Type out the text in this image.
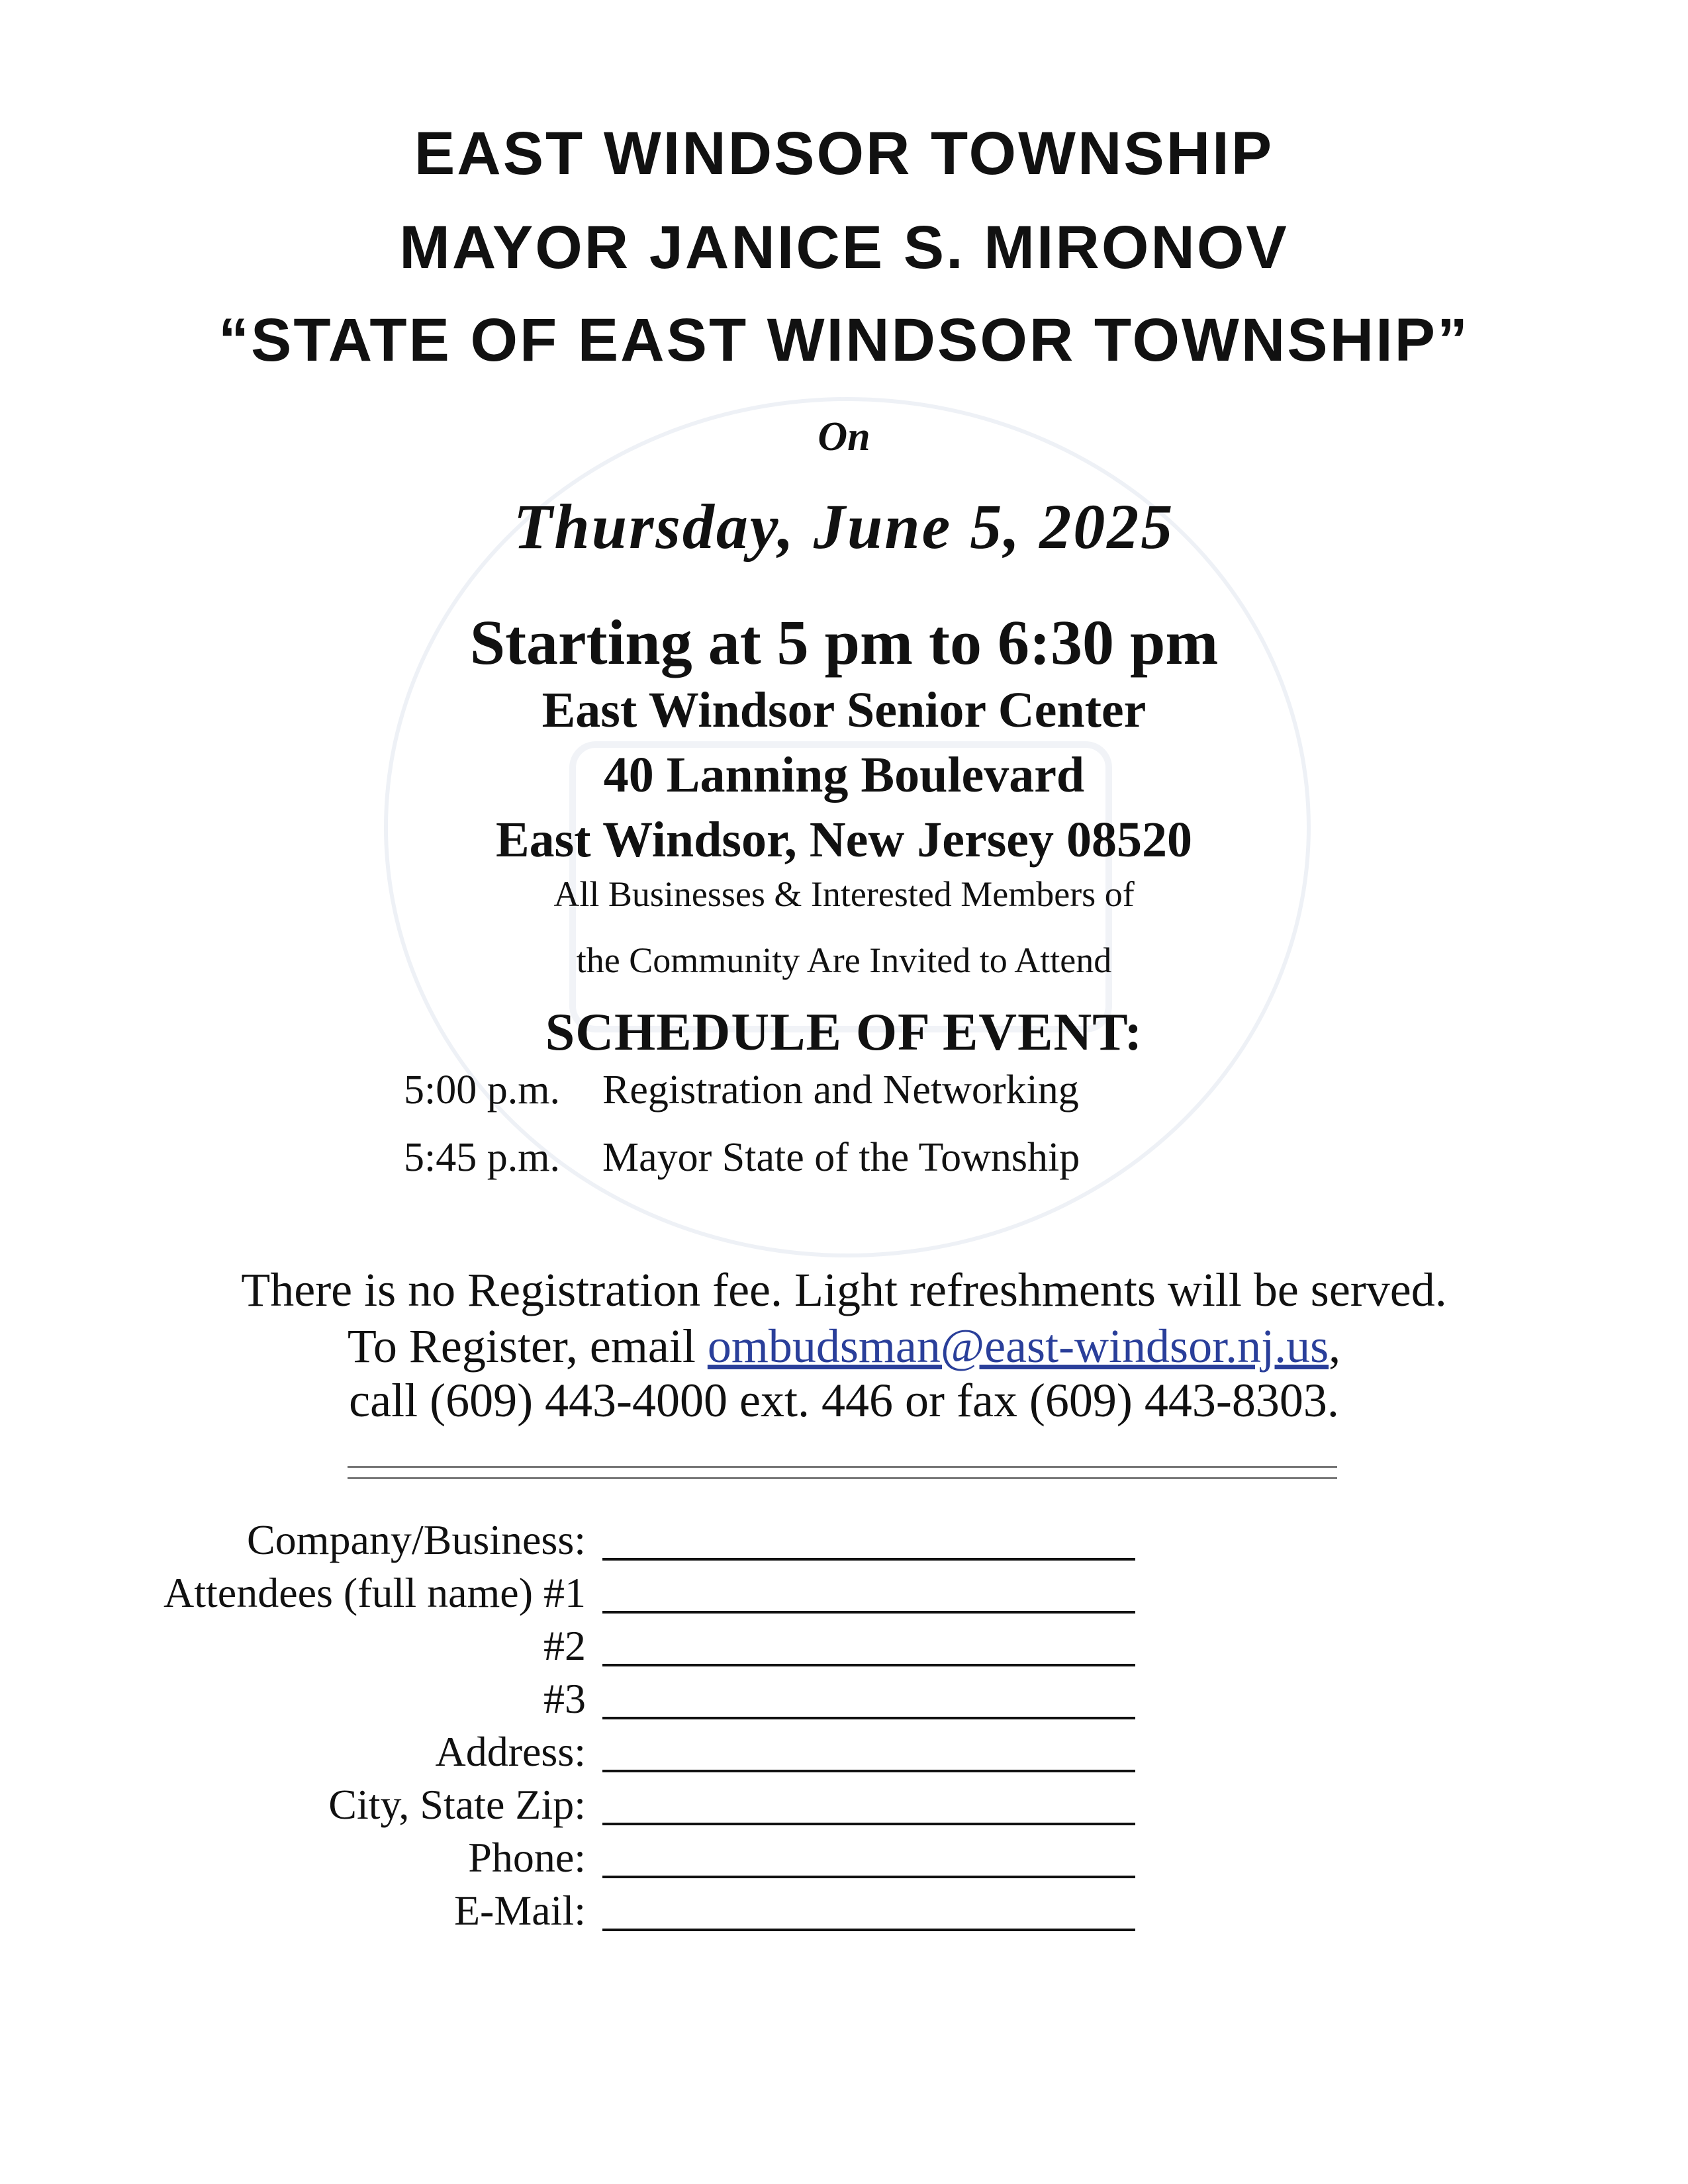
EAST WINDSOR TOWNSHIP
MAYOR JANICE S. MIRONOV
“STATE OF EAST WINDSOR TOWNSHIP”
On
Thursday, June 5, 2025
Starting at 5 pm to 6:30 pm
East Windsor Senior Center
40 Lanning Boulevard
East Windsor, New Jersey 08520
All Businesses & Interested Members of
the Community Are Invited to Attend
SCHEDULE OF EVENT:
5:00 p.m. Registration and Networking
5:45 p.m. Mayor State of the Township
There is no Registration fee. Light refreshments will be served.
To Register, email ombudsman@east-windsor.nj.us,
call (609) 443-4000 ext. 446 or fax (609) 443-8303.
Company/Business:
Attendees (full name) #1
#2
#3
Address:
City, State Zip:
Phone:
E-Mail:
